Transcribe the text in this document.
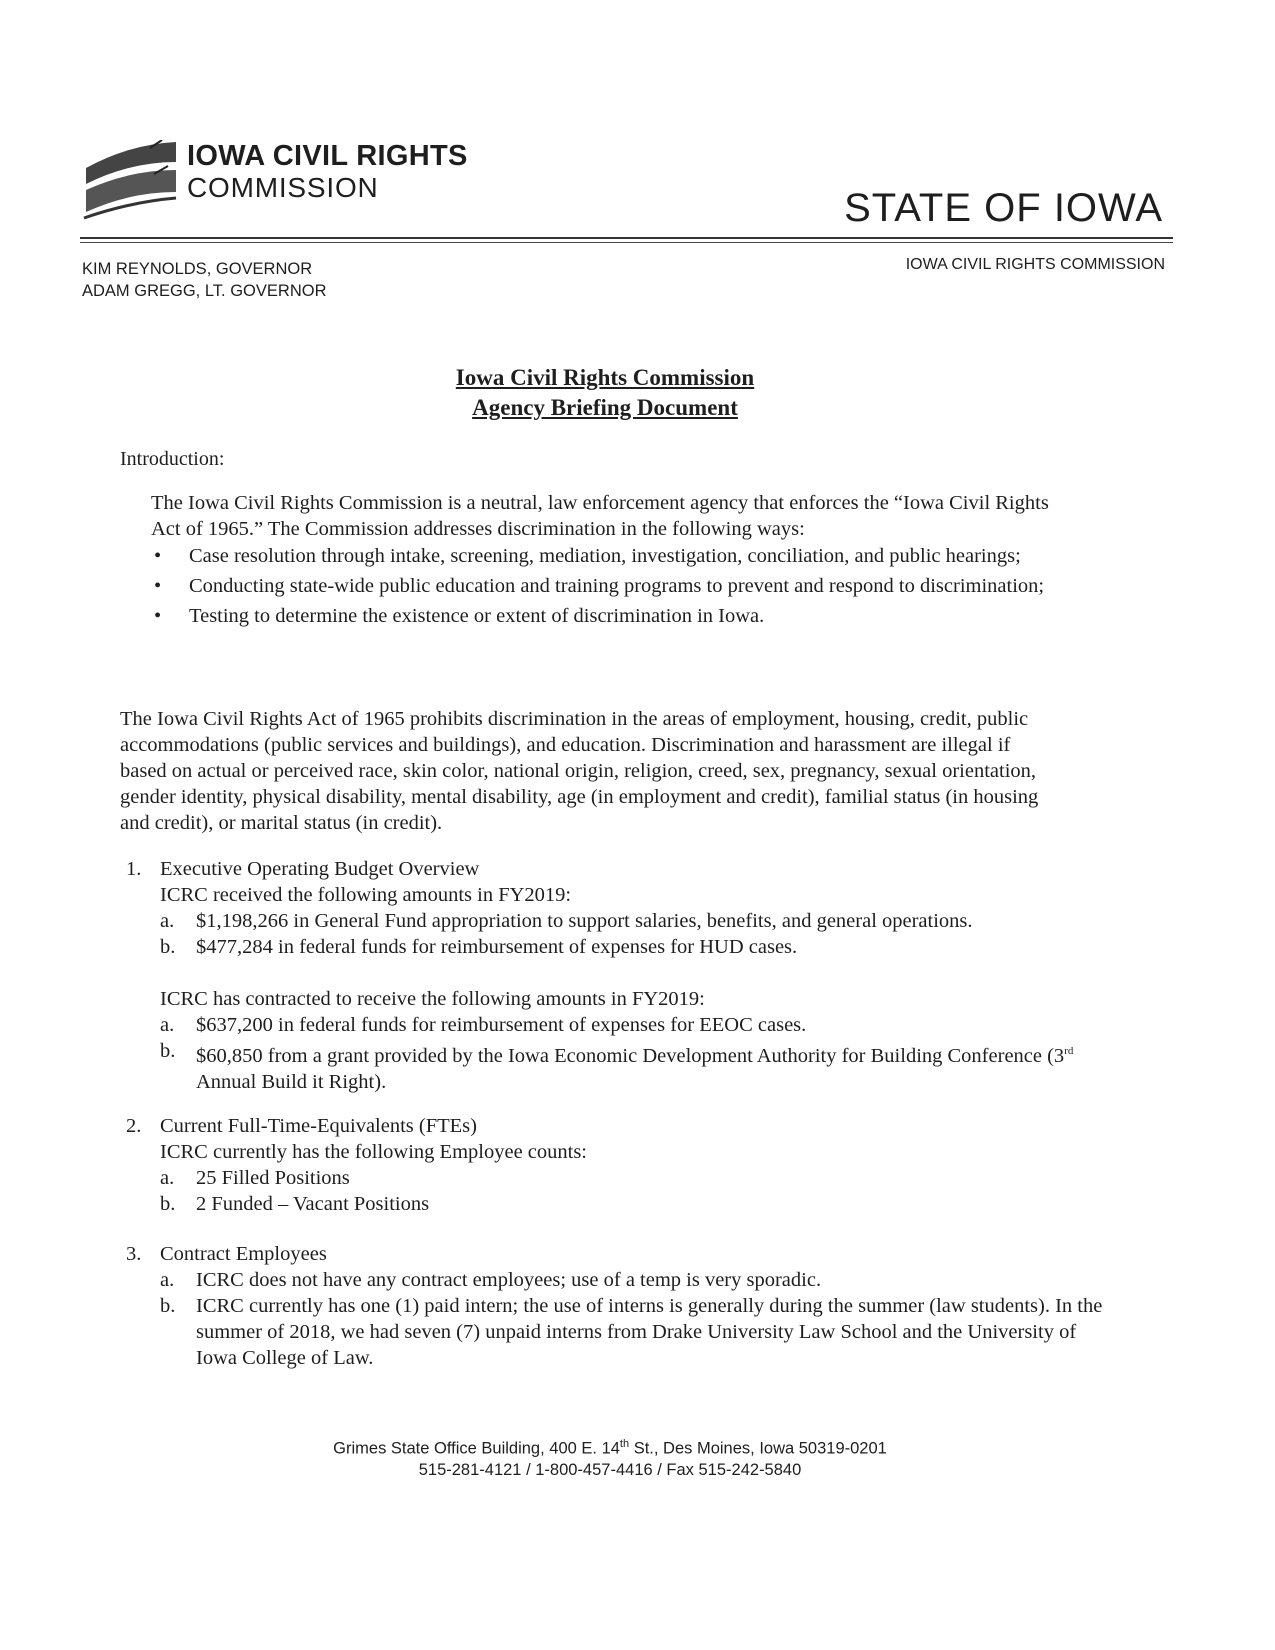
IOWA CIVIL RIGHTS
COMMISSION	STATE OF IOWA
KIM REYNOLDS, GOVERNOR
ADAM GREGG, LT. GOVERNOR
IOWA CIVIL RIGHTS COMMISSION
Iowa Civil Rights Commission
Agency Briefing Document
Introduction:
The Iowa Civil Rights Commission is a neutral, law enforcement agency that enforces the “Iowa Civil Rights Act of 1965.” The Commission addresses discrimination in the following ways:
• Case resolution through intake, screening, mediation, investigation, conciliation, and public hearings;
• Conducting state-wide public education and training programs to prevent and respond to discrimination;
• Testing to determine the existence or extent of discrimination in Iowa.
The Iowa Civil Rights Act of 1965 prohibits discrimination in the areas of employment, housing, credit, public accommodations (public services and buildings), and education. Discrimination and harassment are illegal if based on actual or perceived race, skin color, national origin, religion, creed, sex, pregnancy, sexual orientation, gender identity, physical disability, mental disability, age (in employment and credit), familial status (in housing and credit), or marital status (in credit).
1. Executive Operating Budget Overview
ICRC received the following amounts in FY2019:
a. $1,198,266 in General Fund appropriation to support salaries, benefits, and general operations.
b. $477,284 in federal funds for reimbursement of expenses for HUD cases.
ICRC has contracted to receive the following amounts in FY2019:
a. $637,200 in federal funds for reimbursement of expenses for EEOC cases.
b. $60,850 from a grant provided by the Iowa Economic Development Authority for Building Conference (3rd Annual Build it Right).
2. Current Full-Time-Equivalents (FTEs)
ICRC currently has the following Employee counts:
a. 25 Filled Positions
b. 2 Funded – Vacant Positions
3. Contract Employees
a. ICRC does not have any contract employees; use of a temp is very sporadic.
b. ICRC currently has one (1) paid intern; the use of interns is generally during the summer (law students). In the summer of 2018, we had seven (7) unpaid interns from Drake University Law School and the University of Iowa College of Law.
Grimes State Office Building, 400 E. 14th St., Des Moines, Iowa 50319-0201
515-281-4121 / 1-800-457-4416 / Fax 515-242-5840
